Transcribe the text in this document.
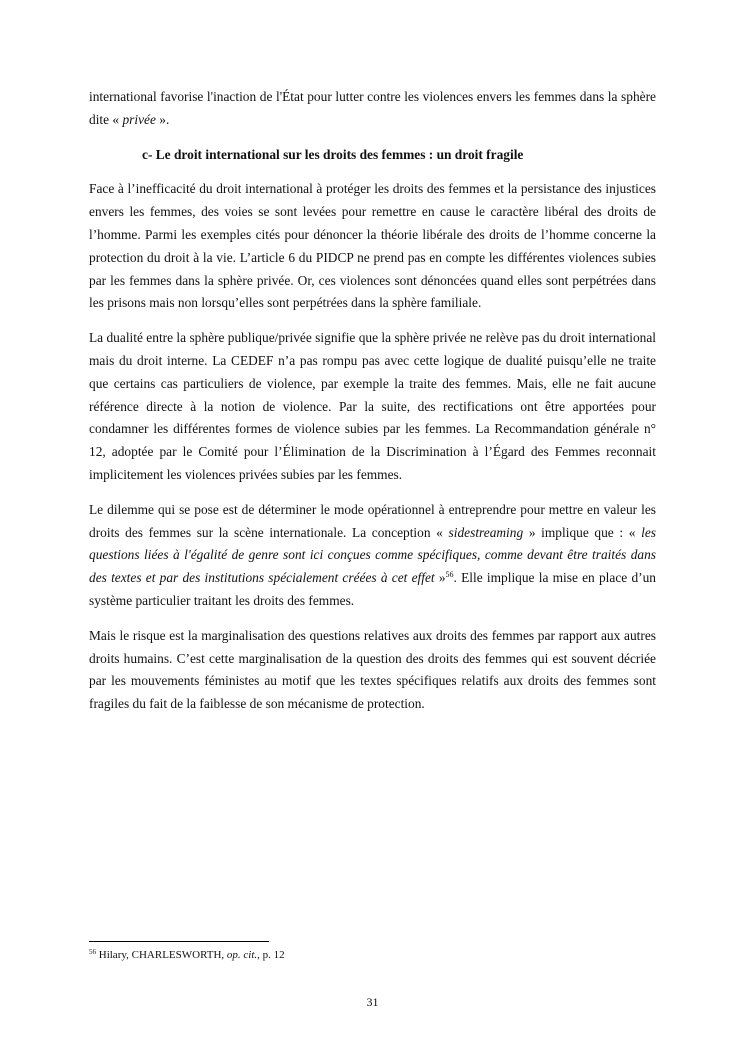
international favorise l'inaction de l'État pour lutter contre les violences envers les femmes dans la sphère dite « privée ».

c- Le droit international sur les droits des femmes : un droit fragile

Face à l’inefficacité du droit international à protéger les droits des femmes et la persistance des injustices envers les femmes, des voies se sont levées pour remettre en cause le caractère libéral des droits de l’homme. Parmi les exemples cités pour dénoncer la théorie libérale des droits de l’homme concerne la protection du droit à la vie. L’article 6 du PIDCP ne prend pas en compte les différentes violences subies par les femmes dans la sphère privée. Or, ces violences sont dénoncées quand elles sont perpétrées dans les prisons mais non lorsqu’elles sont perpétrées dans la sphère familiale.

La dualité entre la sphère publique/privée signifie que la sphère privée ne relève pas du droit international mais du droit interne. La CEDEF n’a pas rompu pas avec cette logique de dualité puisqu’elle ne traite que certains cas particuliers de violence, par exemple la traite des femmes. Mais, elle ne fait aucune référence directe à la notion de violence. Par la suite, des rectifications ont être apportées pour condamner les différentes formes de violence subies par les femmes. La Recommandation générale n° 12, adoptée par le Comité pour l’Élimination de la Discrimination à l’Égard des Femmes reconnait implicitement les violences privées subies par les femmes.

Le dilemme qui se pose est de déterminer le mode opérationnel à entreprendre pour mettre en valeur les droits des femmes sur la scène internationale. La conception « sidestreaming » implique que : « les questions liées à l'égalité de genre sont ici conçues comme spécifiques, comme devant être traités dans des textes et par des institutions spécialement créées à cet effet »$^{56}$. Elle implique la mise en place d’un système particulier traitant les droits des femmes.

Mais le risque est la marginalisation des questions relatives aux droits des femmes par rapport aux autres droits humains. C’est cette marginalisation de la question des droits des femmes qui est souvent décriée par les mouvements féministes au motif que les textes spécifiques relatifs aux droits des femmes sont fragiles du fait de la faiblesse de son mécanisme de protection.

$^{56}$ Hilary, CHARLESWORTH, op. cit., p. 12
31
